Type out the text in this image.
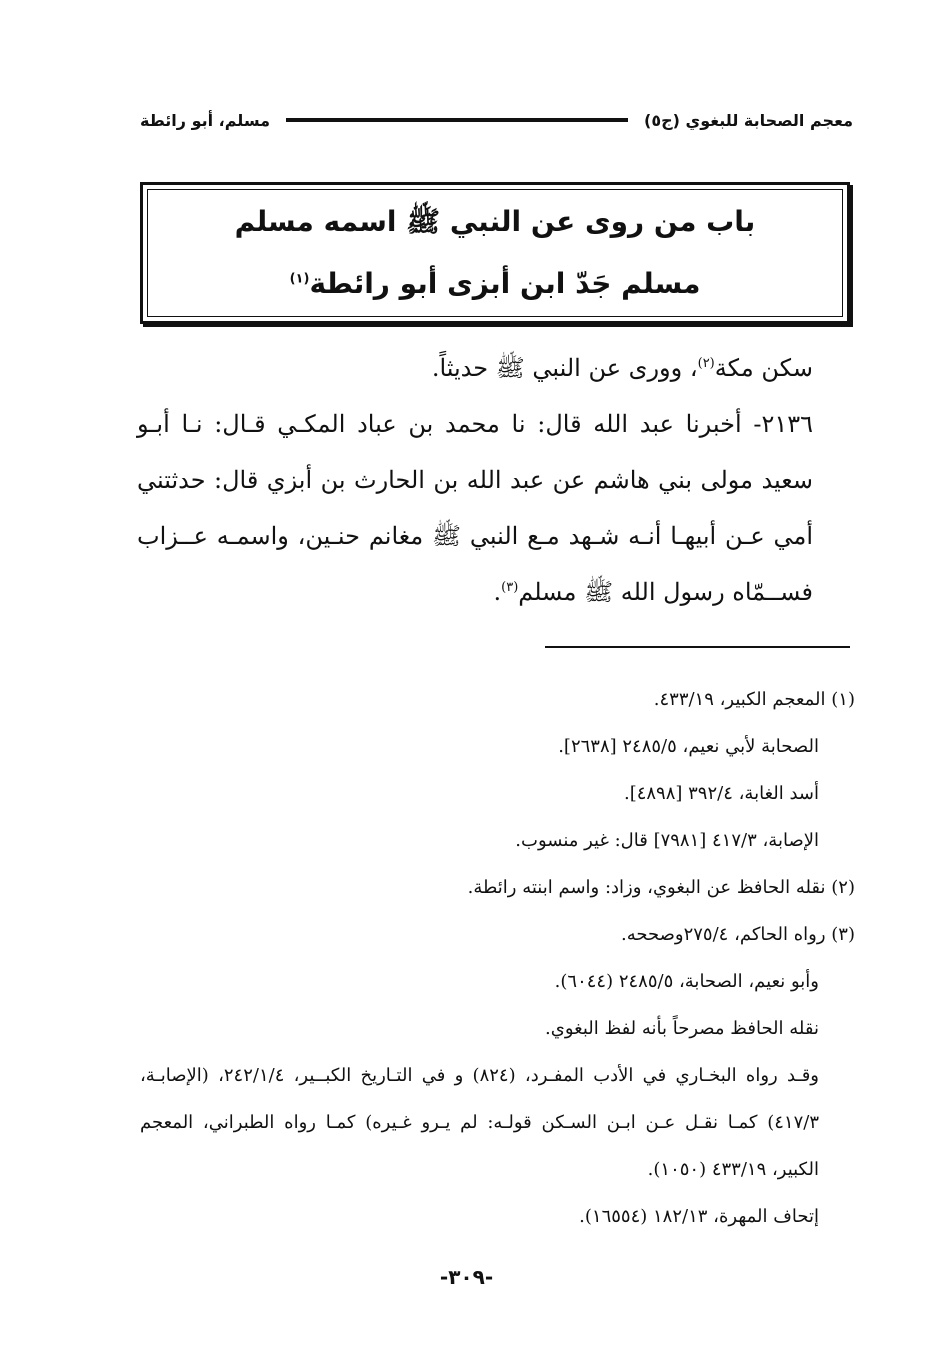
معجم الصحابة للبغوي (ج٥)
مسلم، أبو رائطة
باب من روى عن النبي ﷺ اسمه مسلم
مسلم جَدّ ابن أبزى أبو رائطة$^{(١)}$

سكن مكة$^{(٢)}$، وورى عن النبي ﷺ حديثاً.

٢١٣٦- أخبرنا عبد الله قال: نا محمد بن عباد المكـي قـال: نـا أبـو سعيد مولى بني هاشم عن عبد الله بن الحارث بن أبزي قال: حدثتني أمي عـن أبيهـا أنـه شـهد مـع النبي ﷺ مغانم حنـين، واسمـه عــزاب فســمّاه رسول الله ﷺ مسلم$^{(٣)}$.

(١) المعجم الكبير، ٤٣٣/١٩.

الصحابة لأبي نعيم، ٢٤٨٥/٥ [٢٦٣٨].

أسد الغابة، ٣٩٢/٤ [٤٨٩٨].

الإصابة، ٤١٧/٣ [٧٩٨١] قال: غير منسوب.

(٢) نقله الحافظ عن البغوي، وزاد: واسم ابنته رائطة.

(٣) رواه الحاكم، ٢٧٥/٤وصححه.

وأبو نعيم، الصحابة، ٢٤٨٥/٥ (٦٠٤٤).

نقله الحافظ مصرحاً بأنه لفظ البغوي.

وقـد رواه البخـاري في الأدب المفـرد، (٨٢٤) و في التـاريخ الكبــير، ٢٤٢/١/٤، (الإصابـة، ٤١٧/٣) كمـا نقـل عـن ابـن السـكن قولـه: لم يـرو غـيره) كمـا رواه الطبراني، المعجم الكبير، ٤٣٣/١٩ (١٠٥٠).

إتحاف المهرة، ١٨٢/١٣ (١٦٥٥٤).

-٣٠٩-
